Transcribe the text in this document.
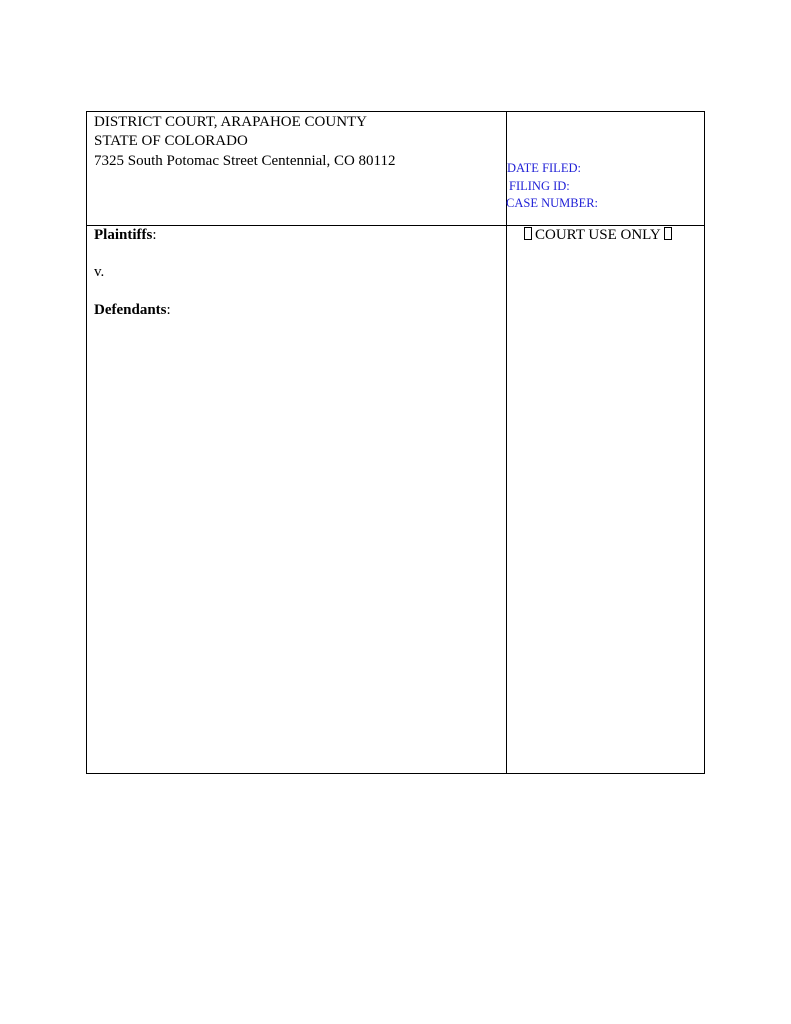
DISTRICT COURT, ARAPAHOE COUNTY
STATE OF COLORADO
7325 South Potomac Street Centennial, CO 80112	DATE FILED:
FILING ID:
CASE NUMBER:
Plaintiffs:
v.
Defendants:
COURT USE ONLY
